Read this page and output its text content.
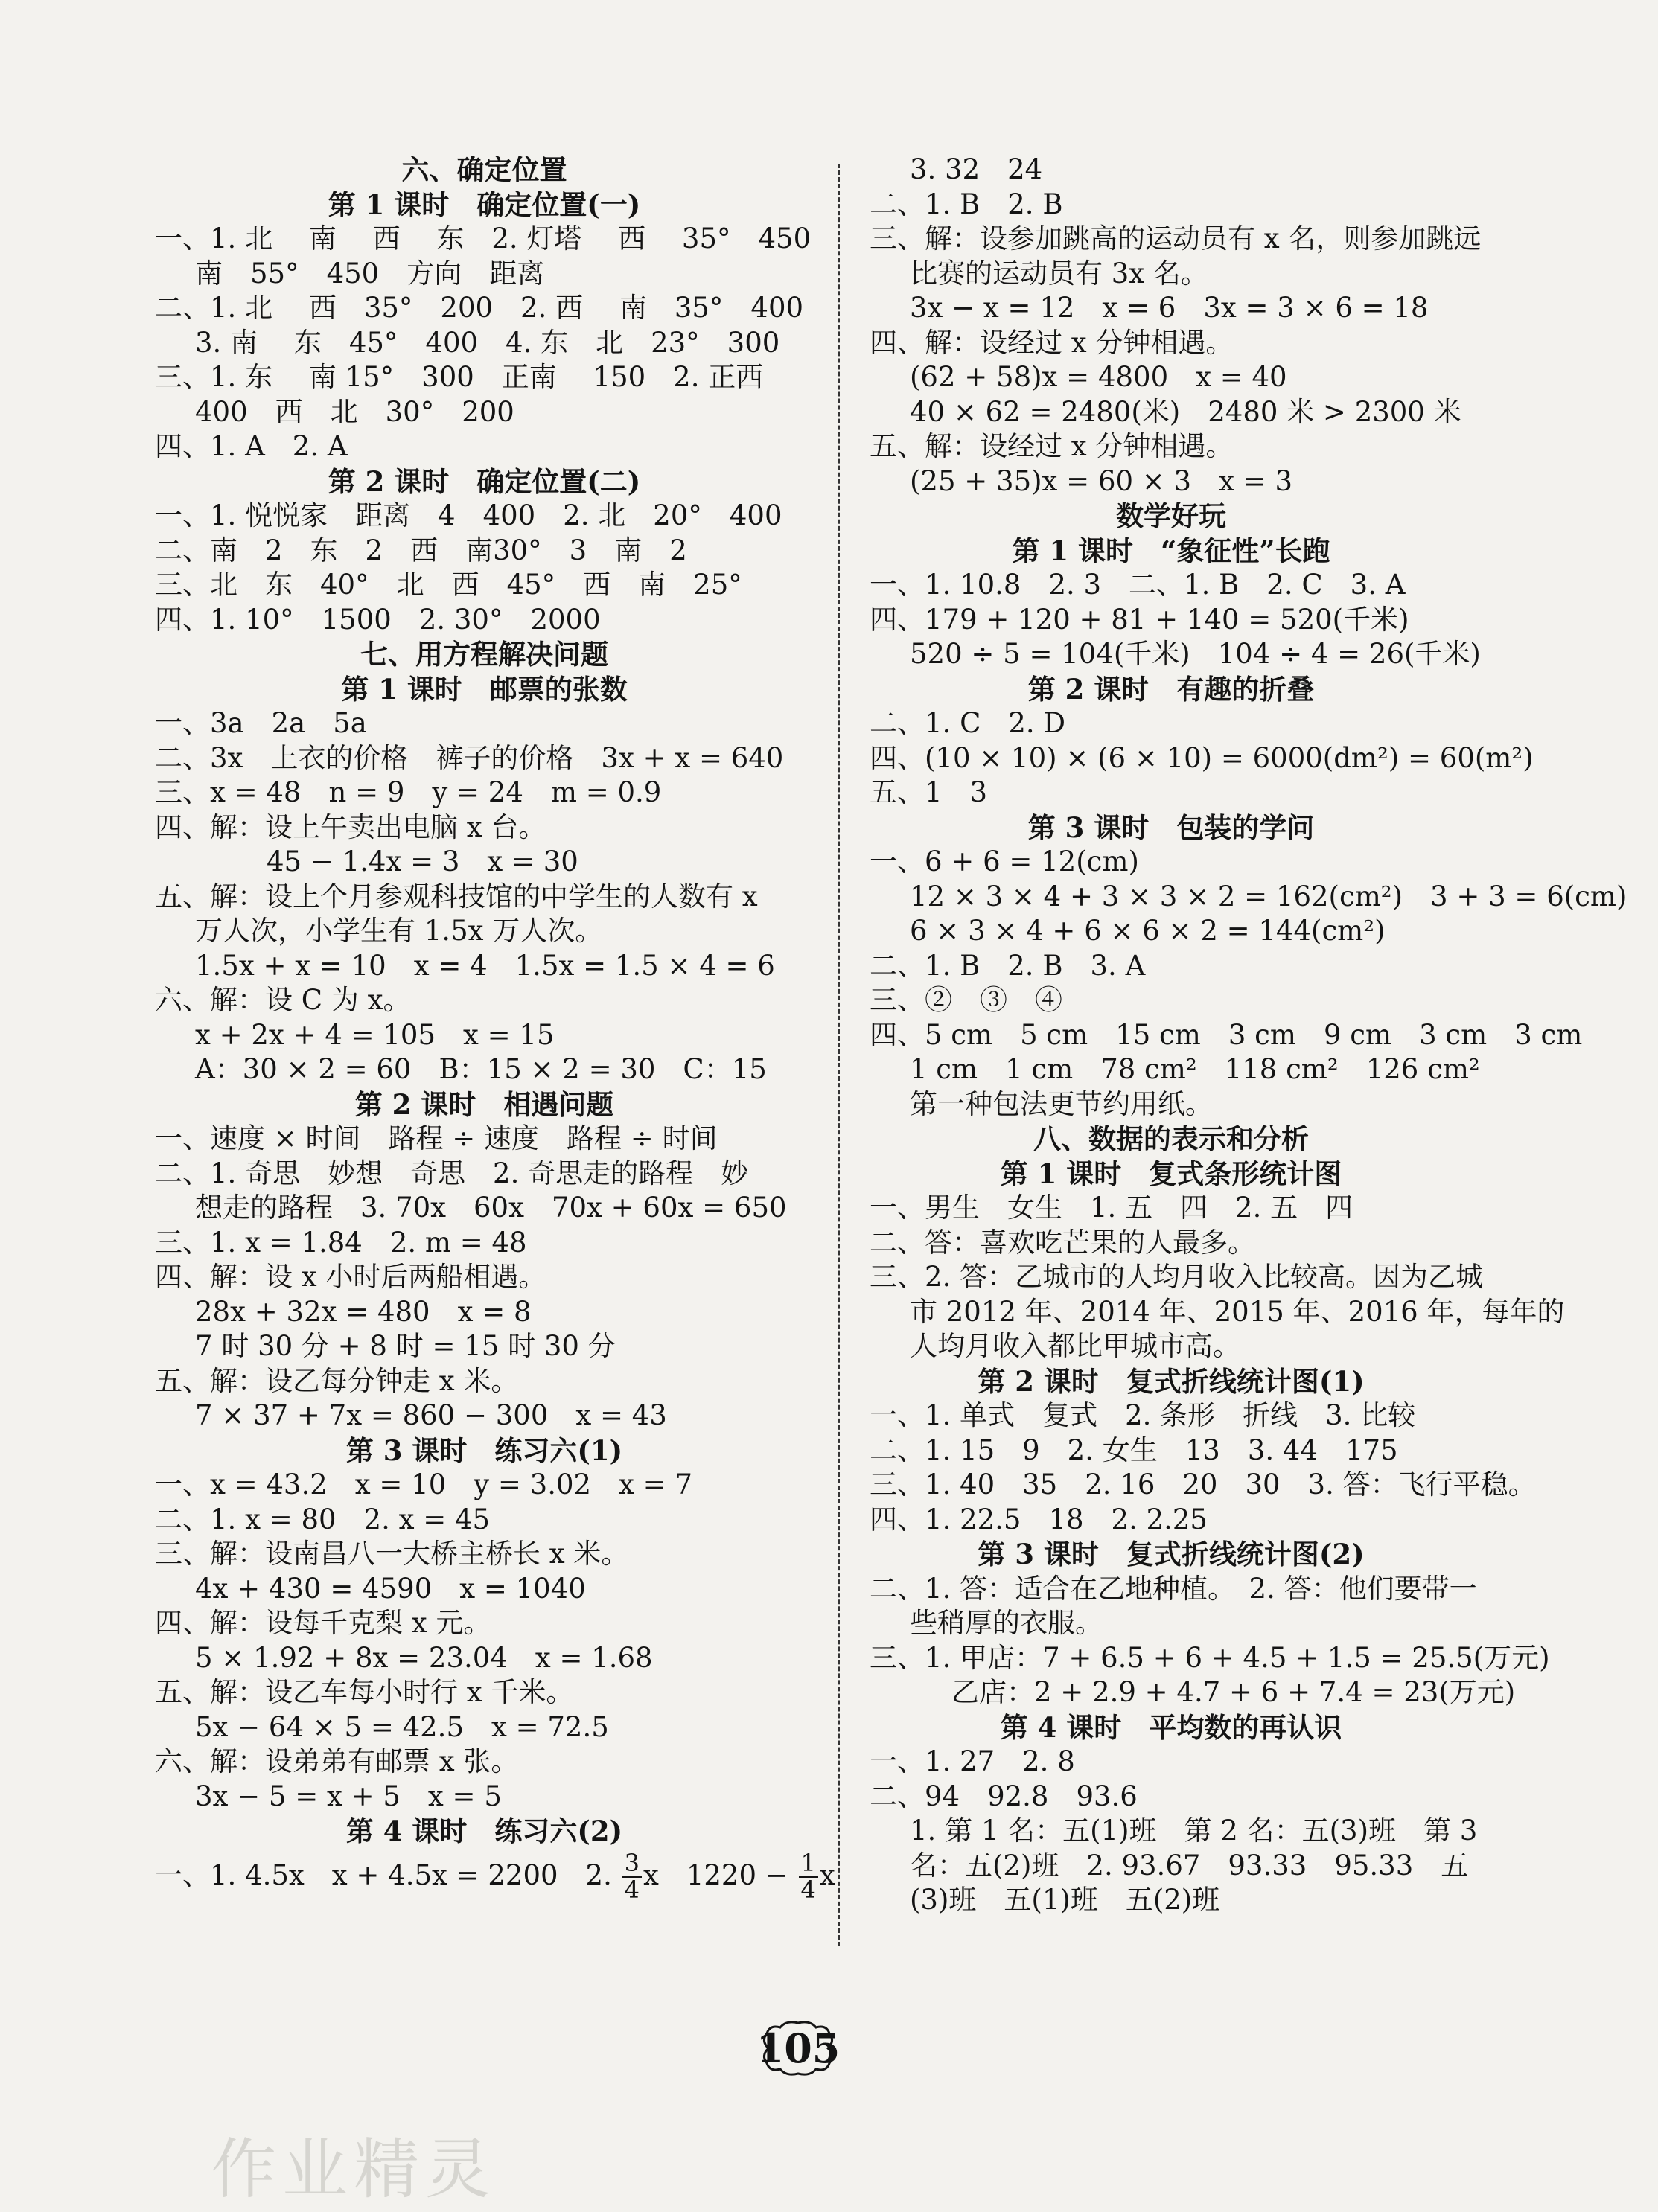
六、确定位置
第 1 课时　确定位置(一)
一、1. 北　 南　 西　 东　2. 灯塔　 西　 35°　450
南　55°　450　方向　距离
二、1. 北　 西　35°　200　2. 西　 南　35°　400
3. 南　 东　45°　400　4. 东　北　23°　300
三、1. 东　 南 15°　300　正南　 150　2. 正西
400　西　北　30°　200
四、1. A　2. A
第 2 课时　确定位置(二)
一、1. 悦悦家　距离　4　400　2. 北　20°　400
二、南　2　东　2　西　南30°　3　南　2
三、北　东　40°　北　西　45°　西　南　25°
四、1. 10°　1500　2. 30°　2000
七、用方程解决问题
第 1 课时　邮票的张数
一、3a　2a　5a
二、3x　上衣的价格　裤子的价格　3x + x = 640
三、x = 48　n = 9　y = 24　m = 0.9
四、解：设上午卖出电脑 x 台。
45 − 1.4x = 3　x = 30
五、解：设上个月参观科技馆的中学生的人数有 x
万人次，小学生有 1.5x 万人次。
1.5x + x = 10　x = 4　1.5x = 1.5 × 4 = 6
六、解：设 C 为 x。
x + 2x + 4 = 105　x = 15
A：30 × 2 = 60　B：15 × 2 = 30　C：15
第 2 课时　相遇问题
一、速度 × 时间　路程 ÷ 速度　路程 ÷ 时间
二、1. 奇思　妙想　奇思　2. 奇思走的路程　妙
想走的路程　3. 70x　60x　70x + 60x = 650
三、1. x = 1.84　2. m = 48
四、解：设 x 小时后两船相遇。
28x + 32x = 480　x = 8
7 时 30 分 + 8 时 = 15 时 30 分
五、解：设乙每分钟走 x 米。
7 × 37 + 7x = 860 − 300　x = 43
第 3 课时　练习六(1)
一、x = 43.2　x = 10　y = 3.02　x = 7
二、1. x = 80　2. x = 45
三、解：设南昌八一大桥主桥长 x 米。
4x + 430 = 4590　x = 1040
四、解：设每千克梨 x 元。
5 × 1.92 + 8x = 23.04　x = 1.68
五、解：设乙车每小时行 x 千米。
5x − 64 × 5 = 42.5　x = 72.5
六、解：设弟弟有邮票 x 张。
3x − 5 = x + 5　x = 5
第 4 课时　练习六(2)
一、1. 4.5x　x + 4.5x = 2200　2. $\frac{3}{4}$ x　$1220 - \frac{1}{4}$ x
3. 32　24
二、1. B　2. B
三、解：设参加跳高的运动员有 x 名，则参加跳远
比赛的运动员有 3x 名。
3x − x = 12　x = 6　3x = 3 × 6 = 18
四、解：设经过 x 分钟相遇。
(62 + 58)x = 4800　x = 40
40 × 62 = 2480(米)　2480 米 > 2300 米
五、解：设经过 x 分钟相遇。
(25 + 35)x = 60 × 3　x = 3
数学好玩
第 1 课时　“象征性”长跑
一、1. 10.8　2. 3　二、1. B　2. C　3. A
四、179 + 120 + 81 + 140 = 520(千米)
520 ÷ 5 = 104(千米)　104 ÷ 4 = 26(千米)
第 2 课时　有趣的折叠
二、1. C　2. D
四、(10 × 10) × (6 × 10) = 6000(dm²) = 60(m²)
五、1　3
第 3 课时　包装的学问
一、6 + 6 = 12(cm)
12 × 3 × 4 + 3 × 3 × 2 = 162(cm²)　3 + 3 = 6(cm)
6 × 3 × 4 + 6 × 6 × 2 = 144(cm²)
二、1. B　2. B　3. A
三、②　③　④
四、5 cm　5 cm　15 cm　3 cm　9 cm　3 cm　3 cm
1 cm　1 cm　78 cm²　118 cm²　126 cm²
第一种包法更节约用纸。
八、数据的表示和分析
第 1 课时　复式条形统计图
一、男生　女生　1. 五　四　2. 五　四
二、答：喜欢吃芒果的人最多。
三、2. 答：乙城市的人均月收入比较高。因为乙城
市 2012 年、2014 年、2015 年、2016 年，每年的
人均月收入都比甲城市高。
第 2 课时　复式折线统计图(1)
一、1. 单式　复式　2. 条形　折线　3. 比较
二、1. 15　9　2. 女生　13　3. 44　175
三、1. 40　35　2. 16　20　30　3. 答：飞行平稳。
四、1. 22.5　18　2. 2.25
第 3 课时　复式折线统计图(2)
二、1. 答：适合在乙地种植。　2. 答：他们要带一
些稍厚的衣服。
三、1. 甲店：7 + 6.5 + 6 + 4.5 + 1.5 = 25.5(万元)
乙店：2 + 2.9 + 4.7 + 6 + 7.4 = 23(万元)
第 4 课时　平均数的再认识
一、1. 27　2. 8
二、94　92.8　93.6
1. 第 1 名：五(1)班　第 2 名：五(3)班　第 3
名：五(2)班　2. 93.67　93.33　95.33　五
(3)班　五(1)班　五(2)班
105
作业精灵
